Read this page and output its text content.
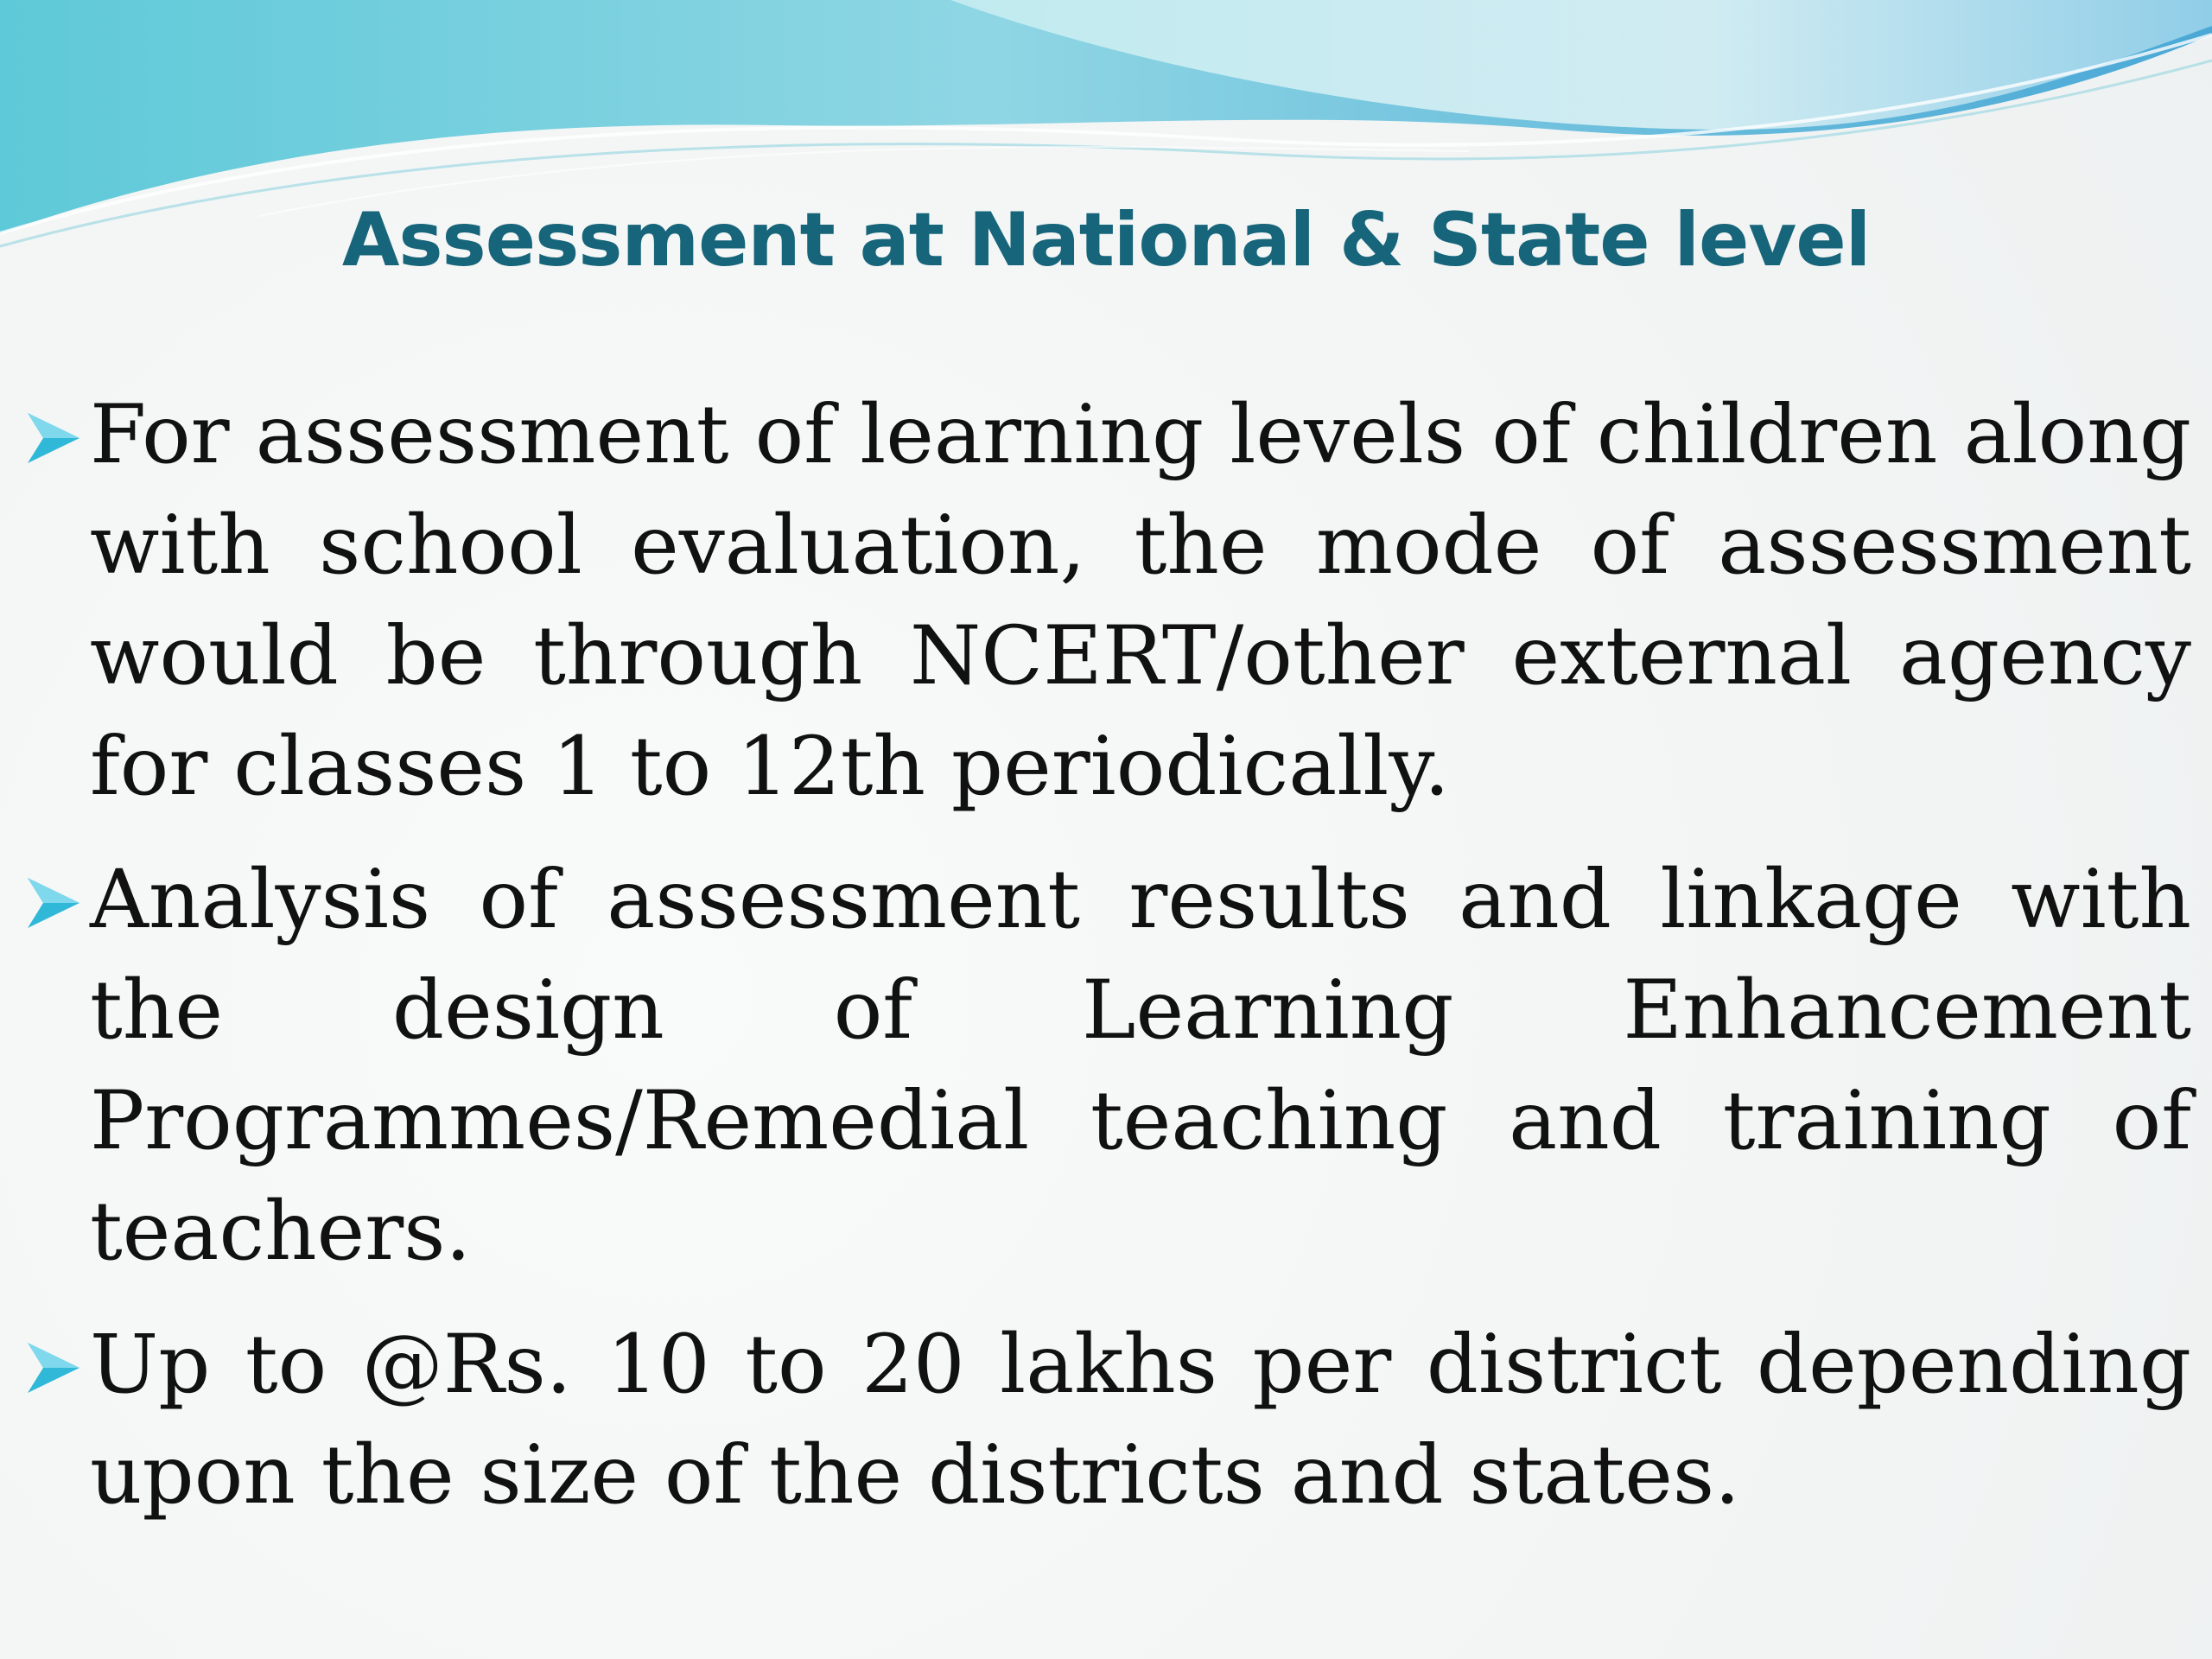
Assessment at National & State level
For assessment of learning levels of children along with school evaluation, the mode of assessment would be through NCERT/other external agency for classes 1 to 12th periodically.
Analysis of assessment results and linkage with the design of Learning Enhancement Programmes/Remedial teaching and training of teachers.
Up to @Rs. 10 to 20 lakhs per district depending upon the size of the districts and states.
